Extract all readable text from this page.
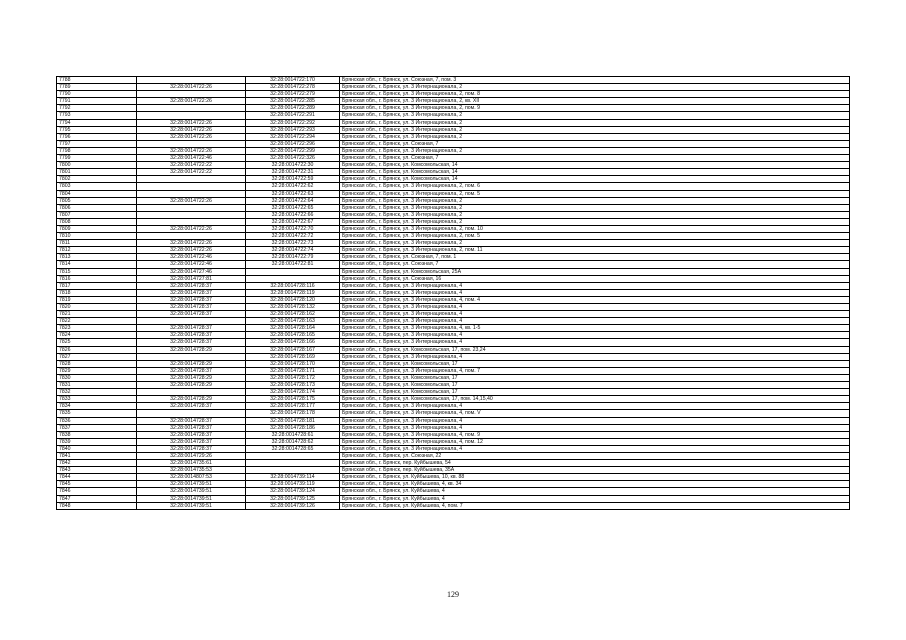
7788		32:28:0014722:170	Брянская обл., г. Брянск, ул. Союзная, 7, пом. 3
7789	32:28:0014722:26	32:28:0014722:278	Брянская обл., г. Брянск, ул. 3 Интернационала, 2
7790		32:28:0014722:279	Брянская обл., г. Брянск, ул. 3 Интернационала, 2, пом. 8
7791	32:28:0014722:26	32:28:0014722:285	Брянская обл., г. Брянск, ул. 3 Интернационала, 2, кв. XII
7792		32:28:0014722:289	Брянская обл., г. Брянск, ул. 3 Интернационала, 2, пом. 9
7793		32:28:0014722:291	Брянская обл., г. Брянск, ул. 3 Интернационала, 2
7794	32:28:0014722:26	32:28:0014722:292	Брянская обл., г. Брянск, ул. 3 Интернационала, 2
7795	32:28:0014722:26	32:28:0014722:293	Брянская обл., г. Брянск, ул. 3 Интернационала, 2
7796	32:28:0014722:26	32:28:0014722:294	Брянская обл., г. Брянск, ул. 3 Интернационала, 2
7797		32:28:0014722:296	Брянская обл., г. Брянск, ул. Союзная, 7
7798	32:28:0014722:26	32:28:0014722:299	Брянская обл., г. Брянск, ул. 3 Интернационала, 2
7799	32:28:0014722:46	32:28:0014722:326	Брянская обл., г. Брянск, ул. Союзная, 7
7800	32:28:0014722:22	32:28:0014722:30	Брянская обл., г. Брянск, ул. Комсомольская, 14
7801	32:28:0014722:22	32:28:0014722:31	Брянская обл., г. Брянск, ул. Комсомольская, 14
7802		32:28:0014722:59	Брянская обл., г. Брянск, ул. Комсомольская, 14
7803		32:28:0014722:62	Брянская обл., г. Брянск, ул. 3 Интернационала, 2, пом. 6
7804		32:28:0014722:63	Брянская обл., г. Брянск, ул. 3 Интернационала, 2, пом. 5
7805	32:28:0014722:26	32:28:0014722:64	Брянская обл., г. Брянск, ул. 3 Интернационала, 2
7806		32:28:0014722:65	Брянская обл., г. Брянск, ул. 3 Интернационала, 2
7807		32:28:0014722:66	Брянская обл., г. Брянск, ул. 3 Интернационала, 2
7808		32:28:0014722:67	Брянская обл., г. Брянск, ул. 3 Интернационала, 2
7809	32:28:0014722:26	32:28:0014722:70	Брянская обл., г. Брянск, ул. 3 Интернационала, 2, пом. 10
7810		32:28:0014722:72	Брянская обл., г. Брянск, ул. 3 Интернационала, 2, пом. 5
7811	32:28:0014722:26	32:28:0014722:73	Брянская обл., г. Брянск, ул. 3 Интернационала, 2
7812	32:28:0014722:26	32:28:0014722:74	Брянская обл., г. Брянск, ул. 3 Интернационала, 2, пом. 11
7813	32:28:0014722:46	32:28:0014722:79	Брянская обл., г. Брянск, ул. Союзная, 7, пом. 1
7814	32:28:0014722:46	32:28:0014722:81	Брянская обл., г. Брянск, ул. Союзная, 7
7815	32:28:0014727:46		Брянская обл., г. Брянск, ул. Комсомольская, 25А
7816	32:28:0014727:81		Брянская обл., г. Брянск, ул. Союзная, 16
7817	32:28:0014728:37	32:28:0014728:116	Брянская обл., г. Брянск, ул. 3 Интернационала, 4
7818	32:28:0014728:37	32:28:0014728:119	Брянская обл., г. Брянск, ул. 3 Интернационала, 4
7819	32:28:0014728:37	32:28:0014728:120	Брянская обл., г. Брянск, ул. 3 Интернационала, 4, пом. 4
7820	32:28:0014728:37	32:28:0014728:132	Брянская обл., г. Брянск, ул. 3 Интернационала, 4
7821	32:28:0014728:37	32:28:0014728:162	Брянская обл., г. Брянск, ул. 3 Интернационала, 4
7822		32:28:0014728:163	Брянская обл., г. Брянск, ул. 3 Интернационала, 4
7823	32:28:0014728:37	32:28:0014728:164	Брянская обл., г. Брянск, ул. 3 Интернационала, 4, кв. 1-5
7824	32:28:0014728:37	32:28:0014728:165	Брянская обл., г. Брянск, ул. 3 Интернационала, 4
7825	32:28:0014728:37	32:28:0014728:166	Брянская обл., г. Брянск, ул. 3 Интернационала, 4
7826	32:28:0014728:29	32:28:0014728:167	Брянская обл., г. Брянск, ул. Комсомольская, 17, пом. 23,24
7827		32:28:0014728:169	Брянская обл., г. Брянск, ул. 3 Интернационала, 4
7828	32:28:0014728:29	32:28:0014728:170	Брянская обл., г. Брянск, ул. Комсомольская, 17
7829	32:28:0014728:37	32:28:0014728:171	Брянская обл., г. Брянск, ул. 3 Интернационала, 4, пом. 7
7830	32:28:0014728:29	32:28:0014728:172	Брянская обл., г. Брянск, ул. Комсомольская, 17
7831	32:28:0014728:29	32:28:0014728:173	Брянская обл., г. Брянск, ул. Комсомольская, 17
7832		32:28:0014728:174	Брянская обл., г. Брянск, ул. Комсомольская, 17
7833	32:28:0014728:29	32:28:0014728:175	Брянская обл., г. Брянск, ул. Комсомольская, 17, пом. 14,15,40
7834	32:28:0014728:37	32:28:0014728:177	Брянская обл., г. Брянск, ул. 3 Интернационала, 4
7835		32:28:0014728:178	Брянская обл., г. Брянск, ул. 3 Интернационала, 4, пом. V
7836	32:28:0014728:37	32:28:0014728:181	Брянская обл., г. Брянск, ул. 3 Интернационала, 4
7837	32:28:0014728:37	32:28:0014728:186	Брянская обл., г. Брянск, ул. 3 Интернационала, 4
7838	32:28:0014728:37	32:28:0014728:61	Брянская обл., г. Брянск, ул. 3 Интернационала, 4, пом. 9
7839	32:28:0014728:37	32:28:0014728:62	Брянская обл., г. Брянск, ул. 3 Интернационала, 4, пом. 12
7840	32:28:0014728:37	32:28:0014728:65	Брянская обл., г. Брянск, ул. 3 Интернационала, 4
7841	32:28:0014729:26		Брянская обл., г. Брянск, ул. Союзная, 22
7842	32:28:0014735:61		Брянская обл., г. Брянск, пер. Куйбышева, 54
7843	32:28:0014735:53		Брянская обл., г. Брянск, пер. Куйбышева, 35А
7844	32:28:0014807:53	32:28:0014739:114	Брянская обл., г. Брянск, ул. Куйбышева, 10, кв. 88
7845	32:28:0014739:51	32:28:0014739:119	Брянская обл., г. Брянск, ул. Куйбышева, 4, кв. 34
7846	32:28:0014739:51	32:28:0014739:124	Брянская обл., г. Брянск, ул. Куйбышева, 4
7847	32:28:0014739:51	32:28:0014739:125	Брянская обл., г. Брянск, ул. Куйбышева, 4
7848	32:28:0014739:51	32:28:0014739:126	Брянская обл., г. Брянск, ул. Куйбышева, 4, пом. 7
129
